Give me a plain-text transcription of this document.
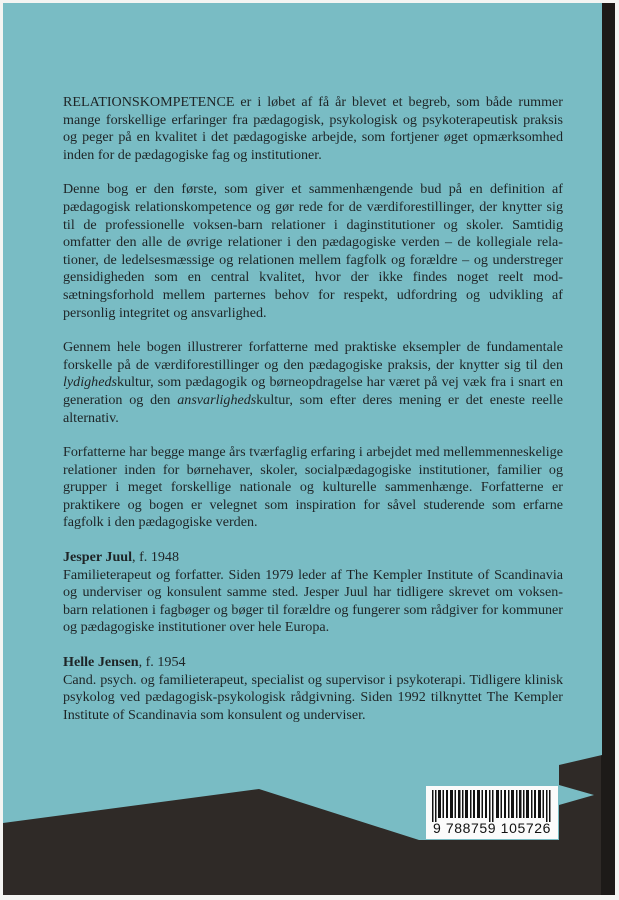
RELATIONSKOMPETENCE er i løbet af få år blevet et begreb, som både rummer mange forskellige erfaringer fra pædagogisk, psykologisk og psykoterapeutisk praksis og peger på en kvalitet i det pædagogiske arbejde, som fortjener øget opmærksomhed inden for de pædagogiske fag og institutioner.

Denne bog er den første, som giver et sammenhængende bud på en definition af pædagogisk relationskompetence og gør rede for de værdiforestillinger, der knytter sig til de professionelle voksen-barn relationer i daginstitutioner og skoler. Samtidig omfatter den alle de øvrige relationer i den pædagogiske verden – de kollegiale relationer, de ledelsesmæssige og relationen mellem fagfolk og forældre – og understreger gensidigheden som en central kvalitet, hvor der ikke findes noget reelt modsætningsforhold mellem parternes behov for respekt, udfordring og udvikling af personlig integritet og ansvarlighed.

Gennem hele bogen illustrerer forfatterne med praktiske eksempler de fundamentale forskelle på de værdiforestillinger og den pædagogiske praksis, der knytter sig til den lydighedskultur, som pædagogik og børneopdragelse har været på vej væk fra i snart en generation og den ansvarlighedskultur, som efter deres mening er det eneste reelle alternativ.

Forfatterne har begge mange års tværfaglig erfaring i arbejdet med mellemmenneskelige relationer inden for børnehaver, skoler, socialpædagogiske institutioner, familier og grupper i meget forskellige nationale og kulturelle sammenhænge. Forfatterne er praktikere og bogen er velegnet som inspiration for såvel studerende som erfarne fagfolk i den pædagogiske verden.

Jesper Juul, f. 1948

Familieterapeut og forfatter. Siden 1979 leder af The Kempler Institute of Scandinavia og underviser og konsulent samme sted. Jesper Juul har tidligere skrevet om voksen-barn relationen i fagbøger og bøger til forældre og fungerer som rådgiver for kommuner og pædagogiske institutioner over hele Europa.

Helle Jensen, f. 1954

Cand. psych. og familieterapeut, specialist og supervisor i psykoterapi. Tidligere klinisk psykolog ved pædagogisk-psykologisk rådgivning. Siden 1992 tilknyttet The Kempler Institute of Scandinavia som konsulent og underviser.

9 788759 105726
